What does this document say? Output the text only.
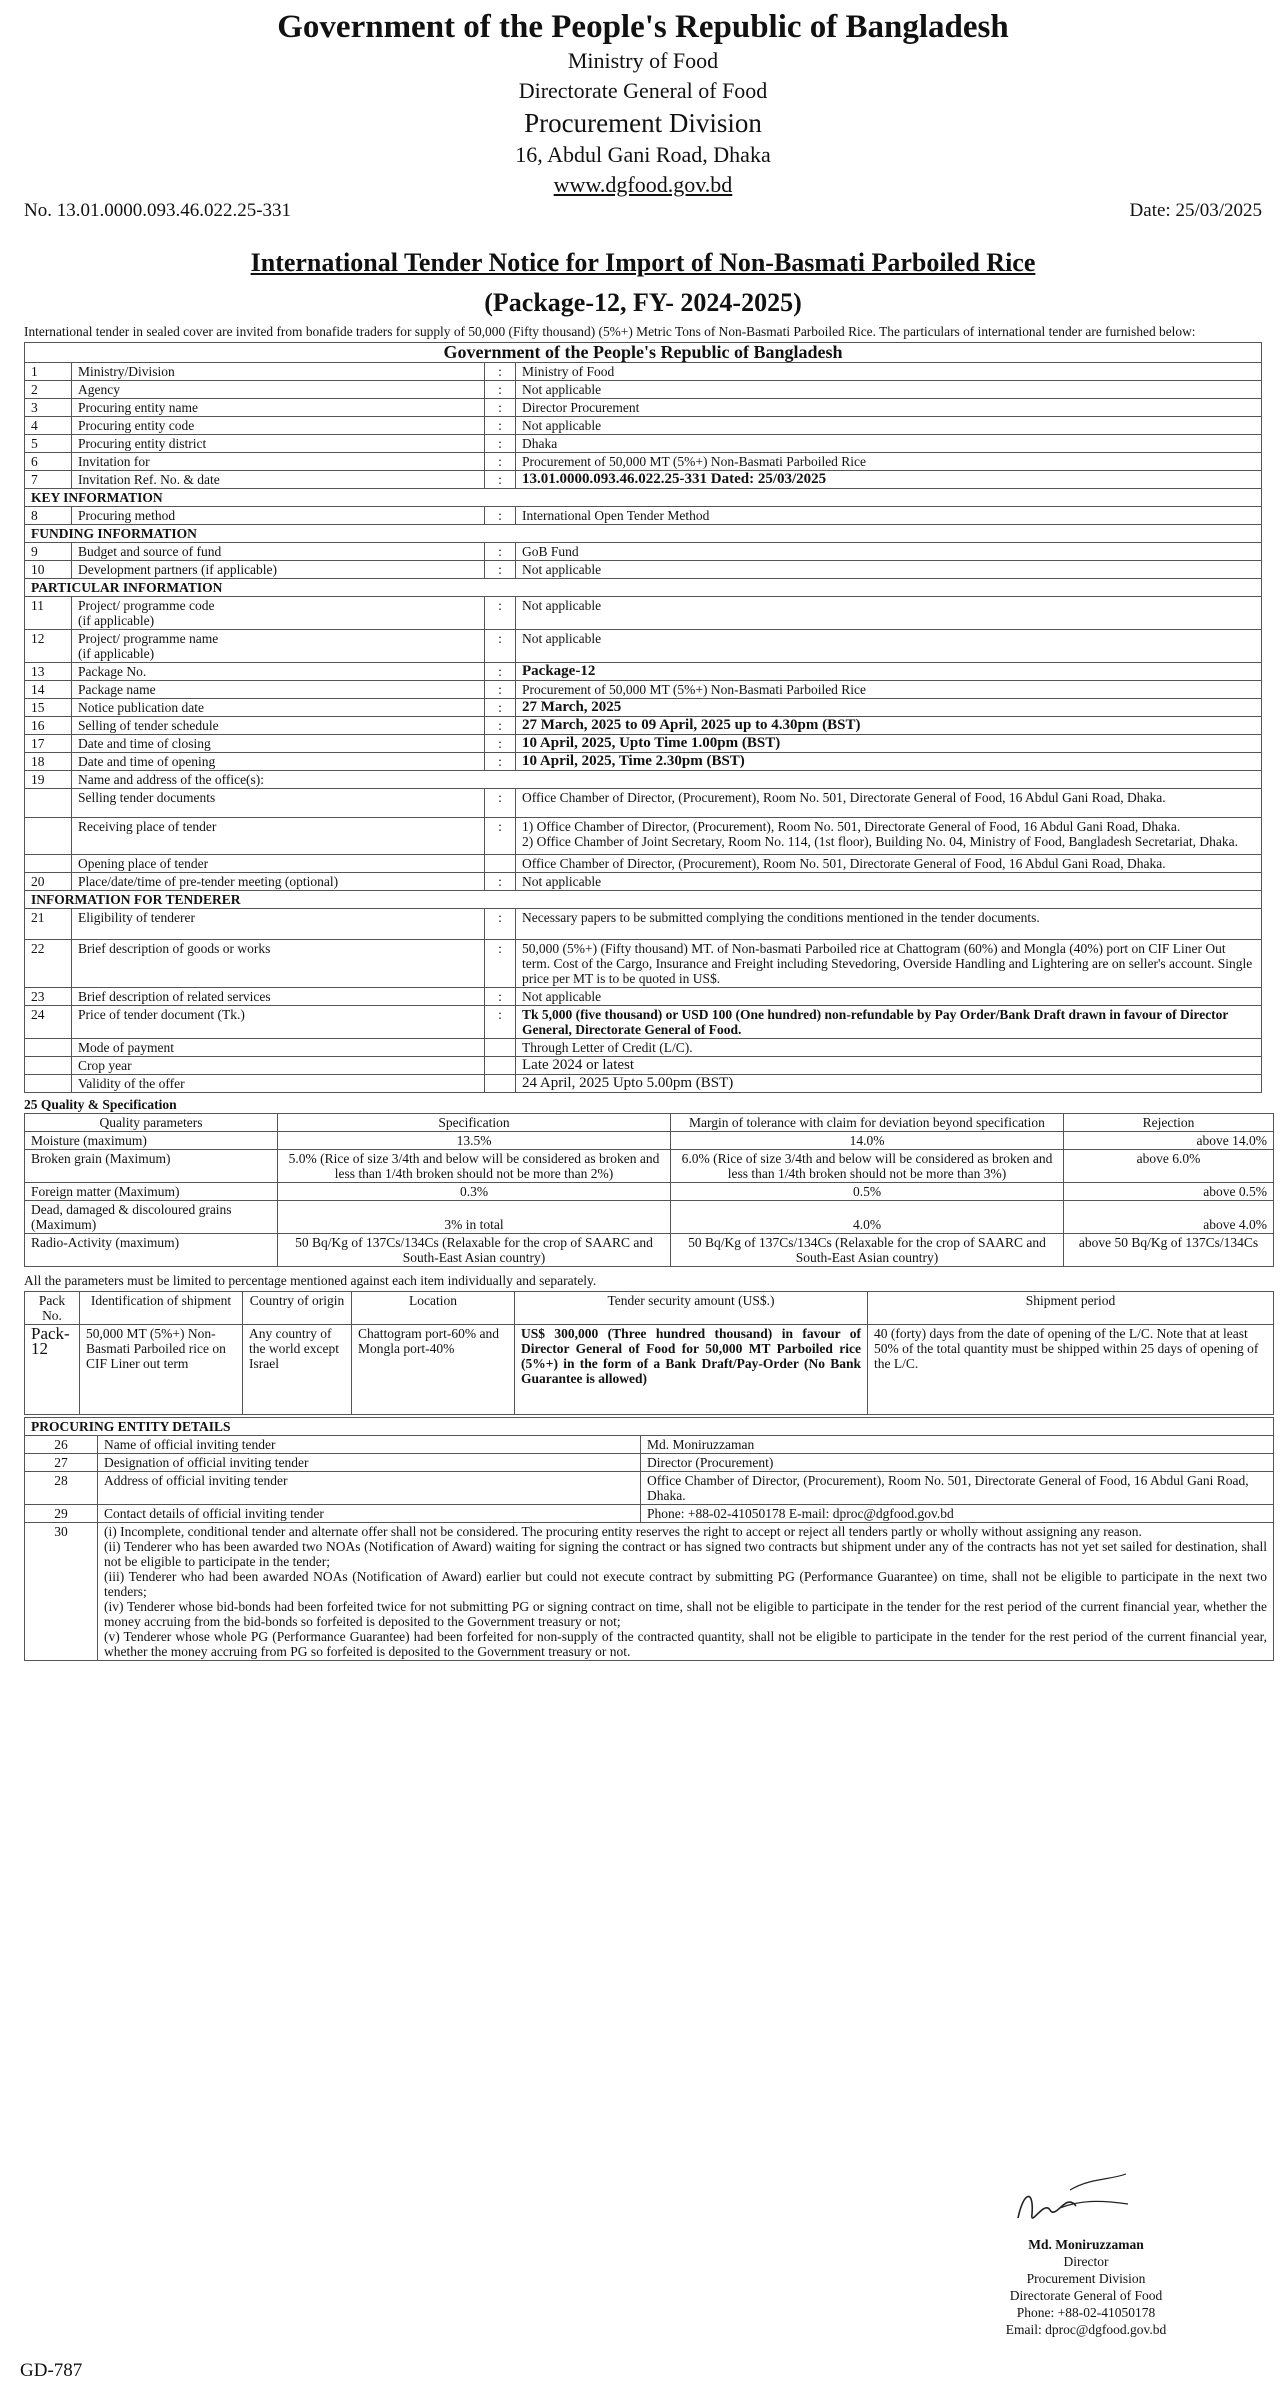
Government of the People's Republic of Bangladesh
Ministry of Food
Directorate General of Food
Procurement Division
16, Abdul Gani Road, Dhaka
www.dgfood.gov.bd
No. 13.01.0000.093.46.022.25-331	Date: 25/03/2025
International Tender Notice for Import of Non-Basmati Parboiled Rice
(Package-12, FY- 2024-2025)
International tender in sealed cover are invited from bonafide traders for supply of 50,000 (Fifty thousand) (5%+) Metric Tons of Non-Basmati Parboiled Rice. The particulars of international tender are furnished below:
Government of the People's Republic of Bangladesh			
1	Ministry/Division	:	Ministry of Food
2	Agency	:	Not applicable
3	Procuring entity name	:	Director Procurement
4	Procuring entity code	:	Not applicable
5	Procuring entity district	:	Dhaka
6	Invitation for	:	Procurement of 50,000 MT (5%+) Non-Basmati Parboiled Rice
7	Invitation Ref. No. & date	:	13.01.0000.093.46.022.25-331 Dated: 25/03/2025
KEY INFORMATION			
8	Procuring method	:	International Open Tender Method
FUNDING INFORMATION			
9	Budget and source of fund	:	GoB Fund
10	Development partners (if applicable)	:	Not applicable
PARTICULAR INFORMATION			
11	Project/ programme code
(if applicable)	:	Not applicable
12	Project/ programme name
(if applicable)	:	Not applicable
13	Package No.	:	Package-12
14	Package name	:	Procurement of 50,000 MT (5%+) Non-Basmati Parboiled Rice
15	Notice publication date	:	27 March, 2025
16	Selling of tender schedule	:	27 March, 2025 to 09 April, 2025 up to 4.30pm (BST)
17	Date and time of closing	:	10 April, 2025, Upto Time 1.00pm (BST)
18	Date and time of opening	:	10 April, 2025, Time 2.30pm (BST)
19	Name and address of the office(s):		
	Selling tender documents	:	Office Chamber of Director, (Procurement), Room No. 501, Directorate General of Food, 16 Abdul Gani Road, Dhaka.
	Receiving place of tender	:	1) Office Chamber of Director, (Procurement), Room No. 501, Directorate General of Food, 16 Abdul Gani Road, Dhaka.
2) Office Chamber of Joint Secretary, Room No. 114, (1st floor), Building No. 04, Ministry of Food, Bangladesh Secretariat, Dhaka.

	Opening place of tender		Office Chamber of Director, (Procurement), Room No. 501, Directorate General of Food, 16 Abdul Gani Road, Dhaka.
20	Place/date/time of pre-tender meeting (optional)	:	Not applicable
INFORMATION FOR TENDERER			
21	Eligibility of tenderer	:	Necessary papers to be submitted complying the conditions mentioned in the tender documents.
22	Brief description of goods or works	:	50,000 (5%+) (Fifty thousand) MT. of Non-basmati Parboiled rice at Chattogram (60%) and Mongla (40%) port on CIF Liner Out term. Cost of the Cargo, Insurance and Freight including Stevedoring, Overside Handling and Lightering are on seller's account. Single price per MT is to be quoted in US$.
23	Brief description of related services	:	Not applicable
24	Price of tender document (Tk.)	:	Tk 5,000 (five thousand) or USD 100 (One hundred) non-refundable by Pay Order/Bank Draft drawn in favour of Director General, Directorate General of Food.
	Mode of payment		Through Letter of Credit (L/C).
	Crop year		Late 2024 or latest
	Validity of the offer		24 April, 2025 Upto 5.00pm (BST)
25 Quality & Specification
Quality parameters	Specification	Margin of tolerance with claim for deviation beyond specification	Rejection
Moisture (maximum)	13.5%	14.0%	above 14.0%
Broken grain (Maximum)	5.0% (Rice of size 3/4th and below will be considered as broken and less than 1/4th broken should not be more than 2%)	6.0% (Rice of size 3/4th and below will be considered as broken and less than 1/4th broken should not be more than 3%)	above 6.0%
Foreign matter (Maximum)	0.3%	0.5%	above 0.5%
Dead, damaged & discoloured grains (Maximum)	3% in total	4.0%	above 4.0%
Radio-Activity (maximum)	50 Bq/Kg of 137Cs/134Cs (Relaxable for the crop of SAARC and South-East Asian country)	50 Bq/Kg of 137Cs/134Cs (Relaxable for the crop of SAARC and South-East Asian country)	above 50 Bq/Kg of 137Cs/134Cs
All the parameters must be limited to percentage mentioned against each item individually and separately.
Pack No.	Identification of shipment	Country of origin	Location	Tender security amount (US$.)	Shipment period
Pack-12	50,000 MT (5%+) Non-Basmati Parboiled rice on CIF Liner out term	Any country of the world except Israel	Chattogram port-60% and Mongla port-40%	US$ 300,000 (Three hundred thousand) in favour of Director General of Food for 50,000 MT Parboiled rice (5%+) in the form of a Bank Draft/Pay-Order (No Bank Guarantee is allowed)	40 (forty) days from the date of opening of the L/C. Note that at least 50% of the total quantity must be shipped within 25 days of opening of the L/C.
PROCURING ENTITY DETAILS		
26	Name of official inviting tender	Md. Moniruzzaman
27	Designation of official inviting tender	Director (Procurement)
28	Address of official inviting tender	Office Chamber of Director, (Procurement), Room No. 501, Directorate General of Food, 16 Abdul Gani Road, Dhaka.
29	Contact details of official inviting tender	Phone: +88-02-41050178 E-mail: dproc@dgfood.gov.bd
30	(i) Incomplete, conditional tender and alternate offer shall not be considered. The procuring entity reserves the right to accept or reject all tenders partly or wholly without assigning any reason.
(ii) Tenderer who has been awarded two NOAs (Notification of Award) waiting for signing the contract or has signed two contracts but shipment under any of the contracts has not yet set sailed for destination, shall not be eligible to participate in the tender;
(iii) Tenderer who had been awarded NOAs (Notification of Award) earlier but could not execute contract by submitting PG (Performance Guarantee) on time, shall not be eligible to participate in the next two tenders;
(iv) Tenderer whose bid-bonds had been forfeited twice for not submitting PG or signing contract on time, shall not be eligible to participate in the tender for the rest period of the current financial year, whether the money accruing from the bid-bonds so forfeited is deposited to the Government treasury or not;
(v) Tenderer whose whole PG (Performance Guarantee) had been forfeited for non-supply of the contracted quantity, shall not be eligible to participate in the tender for the rest period of the current financial year, whether the money accruing from PG so forfeited is deposited to the Government treasury or not.	
Md. Moniruzzaman
Director
Procurement Division
Directorate General of Food
Phone: +88-02-41050178
Email: dproc@dgfood.gov.bd
GD-787
